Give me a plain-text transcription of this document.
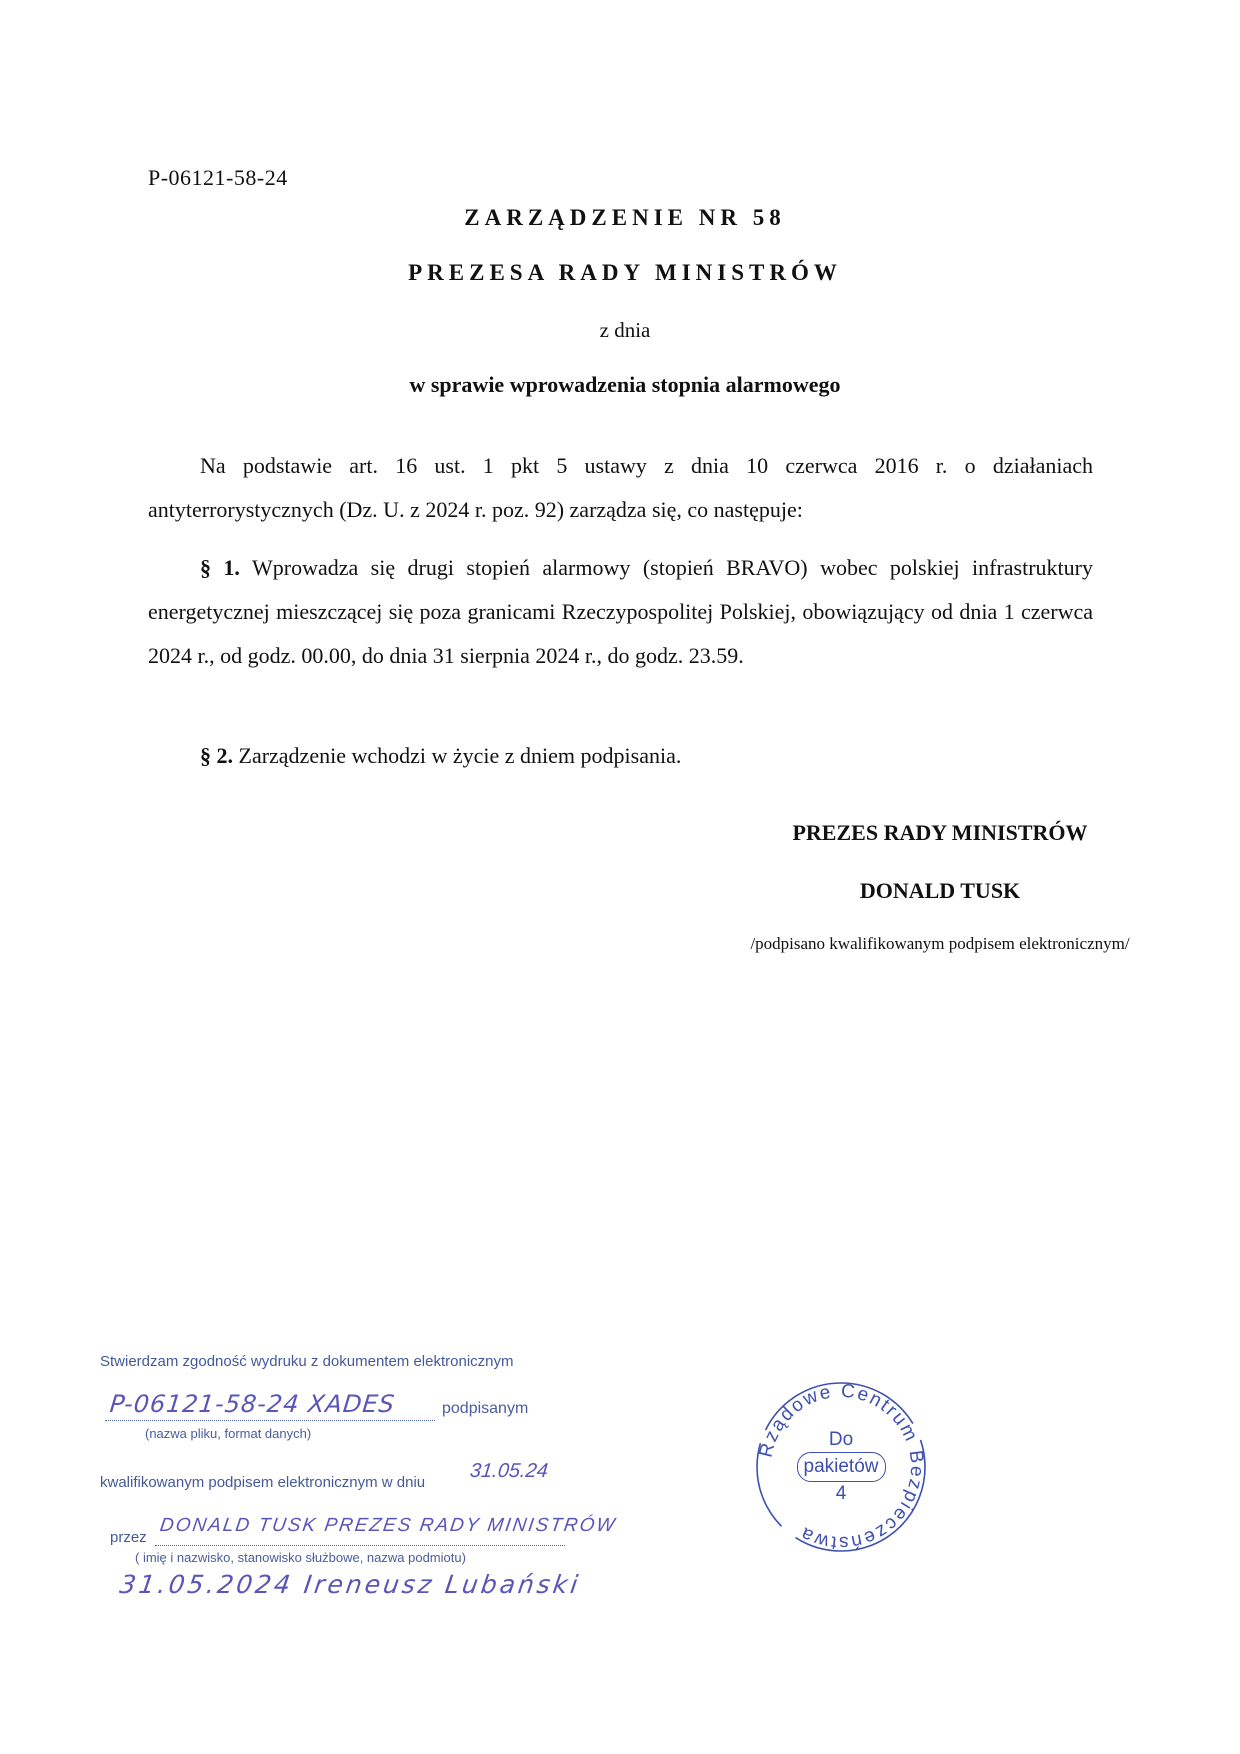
P-06121-58-24
ZARZĄDZENIE NR 58
PREZESA RADY MINISTRÓW
z dnia
w sprawie wprowadzenia stopnia alarmowego

Na podstawie art. 16 ust. 1 pkt 5 ustawy z dnia 10 czerwca 2016 r. o działaniach antyterrorystycznych (Dz. U. z 2024 r. poz. 92) zarządza się, co następuje:

§ 1. Wprowadza się drugi stopień alarmowy (stopień BRAVO) wobec polskiej infrastruktury energetycznej mieszczącej się poza granicami Rzeczypospolitej Polskiej, obowiązujący od dnia 1 czerwca 2024 r., od godz. 00.00, do dnia 31 sierpnia 2024 r., do godz. 23.59.

§ 2. Zarządzenie wchodzi w życie z dniem podpisania.

PREZES RADY MINISTRÓW
DONALD TUSK
/podpisano kwalifikowanym podpisem elektronicznym/
Stwierdzam zgodność wydruku z dokumentem elektronicznym
P-06121-58-24 XADES	podpisanym
(nazwa pliku, format danych)
kwalifikowanym podpisem elektronicznym w dniu
31.05.24
przez
DONALD TUSK PREZES RADY MINISTRÓW
( imię i nazwisko, stanowisko służbowe, nazwa podmiotu)
31.05.2024 Ireneusz Lubański
Rządowe Centrum Bezpieczeństwa
Do
pakietów
4
